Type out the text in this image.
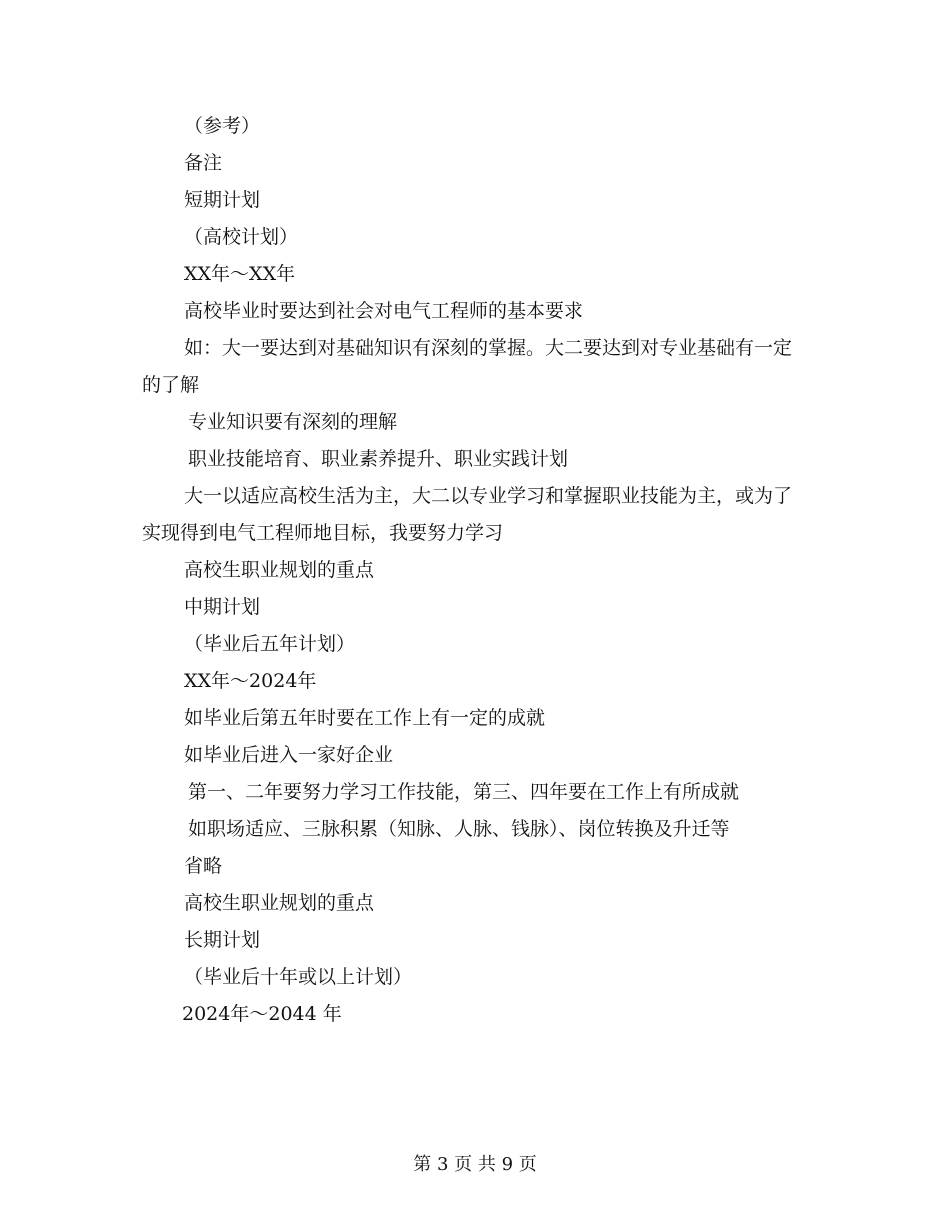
（参考）

备注

短期计划

（高校计划）

XX年～XX年

高校毕业时要达到社会对电气工程师的基本要求

如：大一要达到对基础知识有深刻的掌握。大二要达到对专业基础有一定的了解

专业知识要有深刻的理解

职业技能培育、职业素养提升、职业实践计划

大一以适应高校生活为主，大二以专业学习和掌握职业技能为主，或为了实现得到电气工程师地目标，我要努力学习

高校生职业规划的重点

中期计划

（毕业后五年计划）

XX年～2024年

如毕业后第五年时要在工作上有一定的成就

如毕业后进入一家好企业

第一、二年要努力学习工作技能，第三、四年要在工作上有所成就

如职场适应、三脉积累（知脉、人脉、钱脉）、岗位转换及升迁等

省略

高校生职业规划的重点

长期计划

（毕业后十年或以上计划）

2024年～2044 年

第 3 页 共 9 页
